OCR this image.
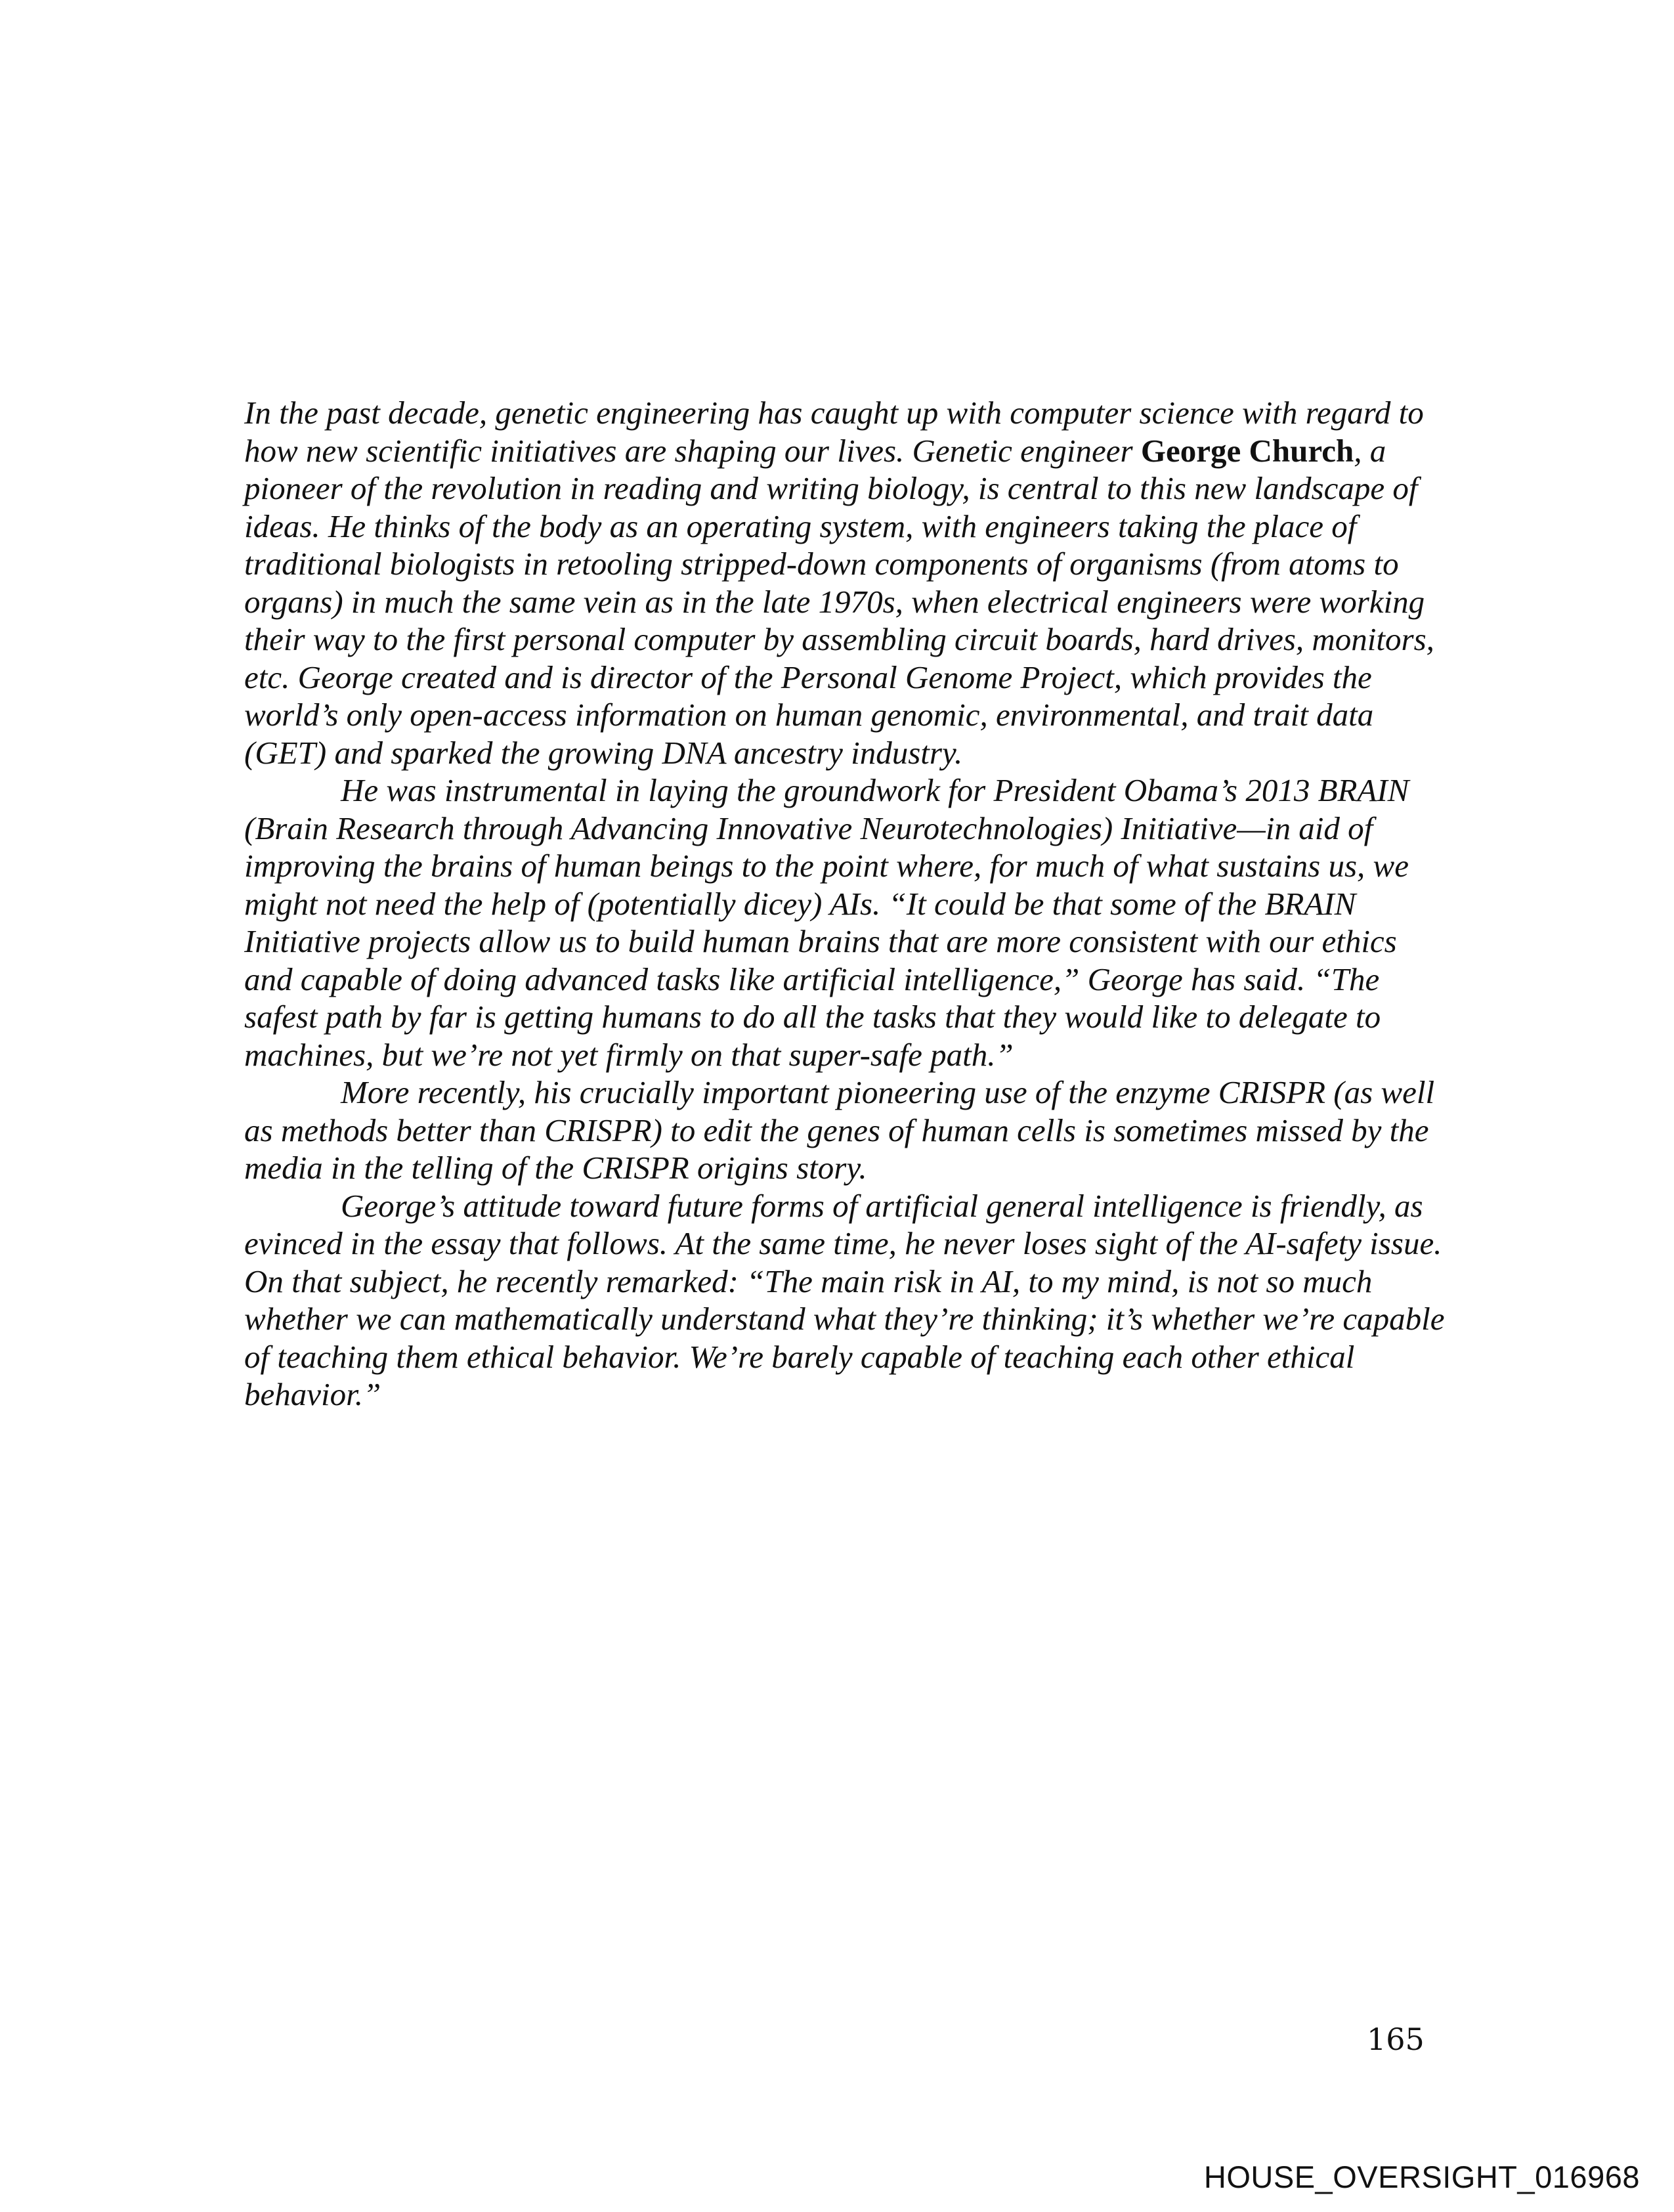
In the past decade, genetic engineering has caught up with computer science with regard to how new scientific initiatives are shaping our lives. Genetic engineer George Church, a pioneer of the revolution in reading and writing biology, is central to this new landscape of ideas. He thinks of the body as an operating system, with engineers taking the place of traditional biologists in retooling stripped-down components of organisms (from atoms to organs) in much the same vein as in the late 1970s, when electrical engineers were working their way to the first personal computer by assembling circuit boards, hard drives, monitors, etc. George created and is director of the Personal Genome Project, which provides the world’s only open-access information on human genomic, environmental, and trait data (GET) and sparked the growing DNA ancestry industry.

He was instrumental in laying the groundwork for President Obama’s 2013 BRAIN (Brain Research through Advancing Innovative Neurotechnologies) Initiative—in aid of improving the brains of human beings to the point where, for much of what sustains us, we might not need the help of (potentially dicey) AIs. “It could be that some of the BRAIN Initiative projects allow us to build human brains that are more consistent with our ethics and capable of doing advanced tasks like artificial intelligence,” George has said. “The safest path by far is getting humans to do all the tasks that they would like to delegate to machines, but we’re not yet firmly on that super-safe path.”

More recently, his crucially important pioneering use of the enzyme CRISPR (as well as methods better than CRISPR) to edit the genes of human cells is sometimes missed by the media in the telling of the CRISPR origins story.

George’s attitude toward future forms of artificial general intelligence is friendly, as evinced in the essay that follows. At the same time, he never loses sight of the AI-safety issue. On that subject, he recently remarked: “The main risk in AI, to my mind, is not so much whether we can mathematically understand what they’re thinking; it’s whether we’re capable of teaching them ethical behavior. We’re barely capable of teaching each other ethical behavior.”

165

HOUSE_OVERSIGHT_016968
